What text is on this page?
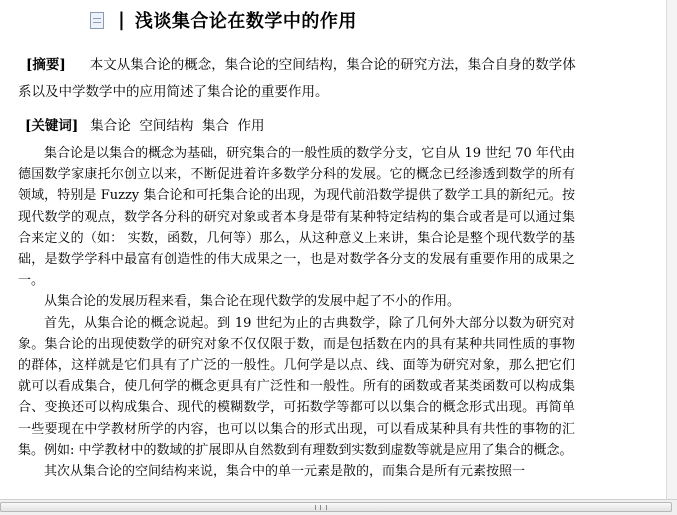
| 浅谈集合论在数学中的作用
[摘要] 本文从集合论的概念，集合论的空间结构，集合论的研究方法，集合自身的数学体系以及中学数学中的应用简述了集合论的重要作用。
[关键词] 集合论  空间结构  集合  作用

集合论是以集合的概念为基础，研究集合的一般性质的数学分支，它自从 19 世纪 70 年代由德国数学家康托尔创立以来，不断促进着许多数学分科的发展。它的概念已经渗透到数学的所有领域，特别是 Fuzzy 集合论和可托集合论的出现，为现代前沿数学提供了数学工具的新纪元。按现代数学的观点，数学各分科的研究对象或者本身是带有某种特定结构的集合或者是可以通过集合来定义的（如： 实数，函数，几何等）那么，从这种意义上来讲，集合论是整个现代数学的基础，是数学学科中最富有创造性的伟大成果之一，也是对数学各分支的发展有重要作用的成果之一。

从集合论的发展历程来看，集合论在现代数学的发展中起了不小的作用。

首先，从集合论的概念说起。到 19 世纪为止的古典数学，除了几何外大部分以数为研究对象。集合论的出现使数学的研究对象不仅仅限于数，而是包括数在内的具有某种共同性质的事物的群体，这样就是它们具有了广泛的一般性。几何学是以点、线、面等为研究对象，那么把它们就可以看成集合，使几何学的概念更具有广泛性和一般性。所有的函数或者某类函数可以构成集合、变换还可以构成集合、现代的模糊数学，可拓数学等都可以以集合的概念形式出现。再简单一些要现在中学教材所学的内容，也可以以集合的形式出现，可以看成某种具有共性的事物的汇集。例如: 中学教材中的数域的扩展即从自然数到有理数到实数到虚数等就是应用了集合的概念。

其次从集合论的空间结构来说，集合中的单一元素是散的，而集合是所有元素按照一
